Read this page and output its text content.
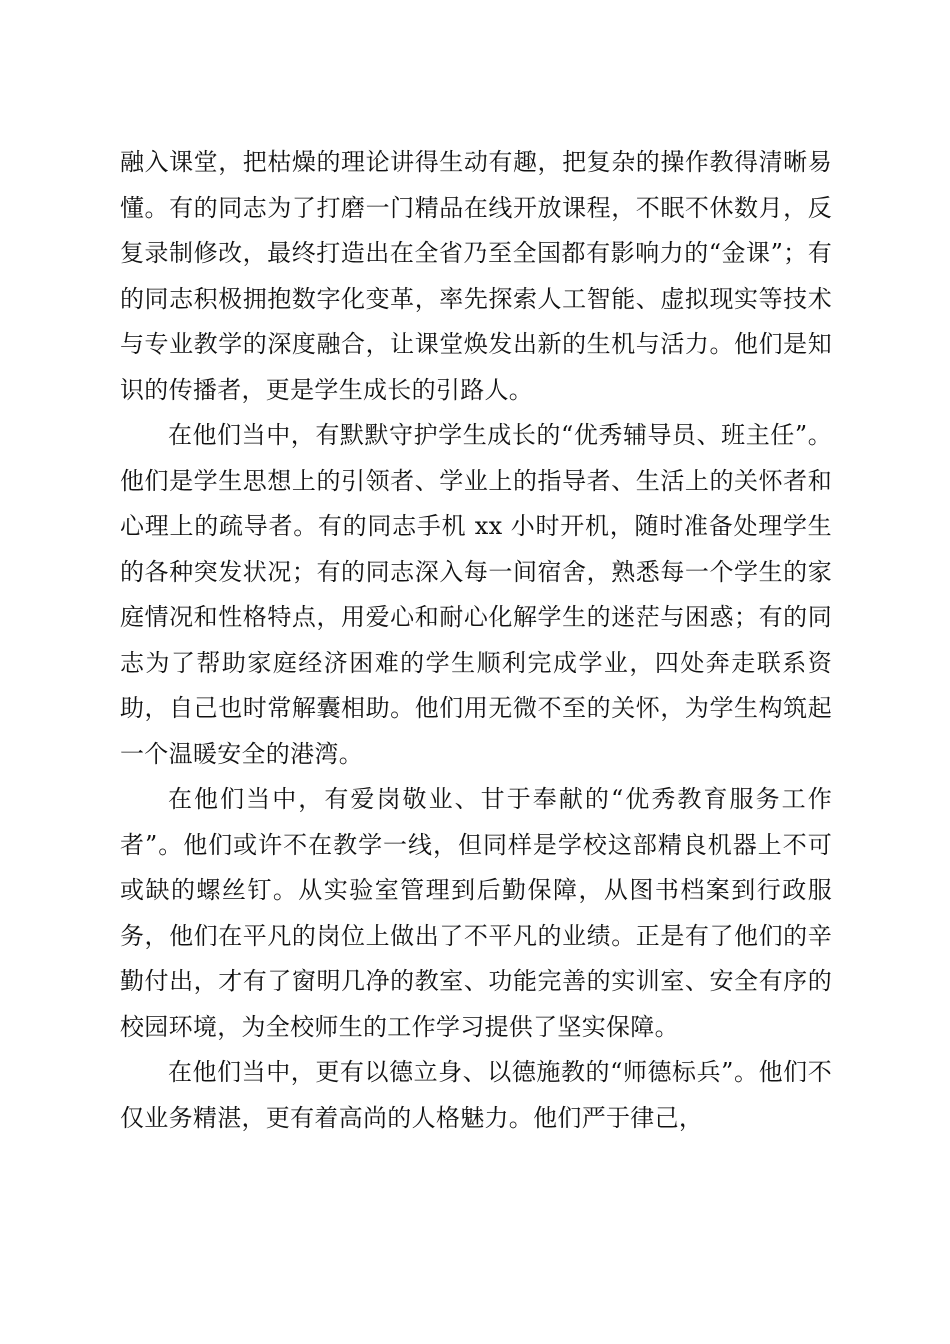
融入课堂，把枯燥的理论讲得生动有趣，把复杂的操作教得清晰易懂。有的同志为了打磨一门精品在线开放课程，不眠不休数月，反复录制修改，最终打造出在全省乃至全国都有影响力的“金课”；有的同志积极拥抱数字化变革，率先探索人工智能、虚拟现实等技术与专业教学的深度融合，让课堂焕发出新的生机与活力。他们是知识的传播者，更是学生成长的引路人。

在他们当中，有默默守护学生成长的“优秀辅导员、班主任”。他们是学生思想上的引领者、学业上的指导者、生活上的关怀者和心理上的疏导者。有的同志手机 xx 小时开机，随时准备处理学生的各种突发状况；有的同志深入每一间宿舍，熟悉每一个学生的家庭情况和性格特点，用爱心和耐心化解学生的迷茫与困惑；有的同志为了帮助家庭经济困难的学生顺利完成学业，四处奔走联系资助，自己也时常解囊相助。他们用无微不至的关怀，为学生构筑起一个温暖安全的港湾。

在他们当中，有爱岗敬业、甘于奉献的“优秀教育服务工作者”。他们或许不在教学一线，但同样是学校这部精良机器上不可或缺的螺丝钉。从实验室管理到后勤保障，从图书档案到行政服务，他们在平凡的岗位上做出了不平凡的业绩。正是有了他们的辛勤付出，才有了窗明几净的教室、功能完善的实训室、安全有序的校园环境，为全校师生的工作学习提供了坚实保障。

在他们当中，更有以德立身、以德施教的“师德标兵”。他们不仅业务精湛，更有着高尚的人格魅力。他们严于律己，
